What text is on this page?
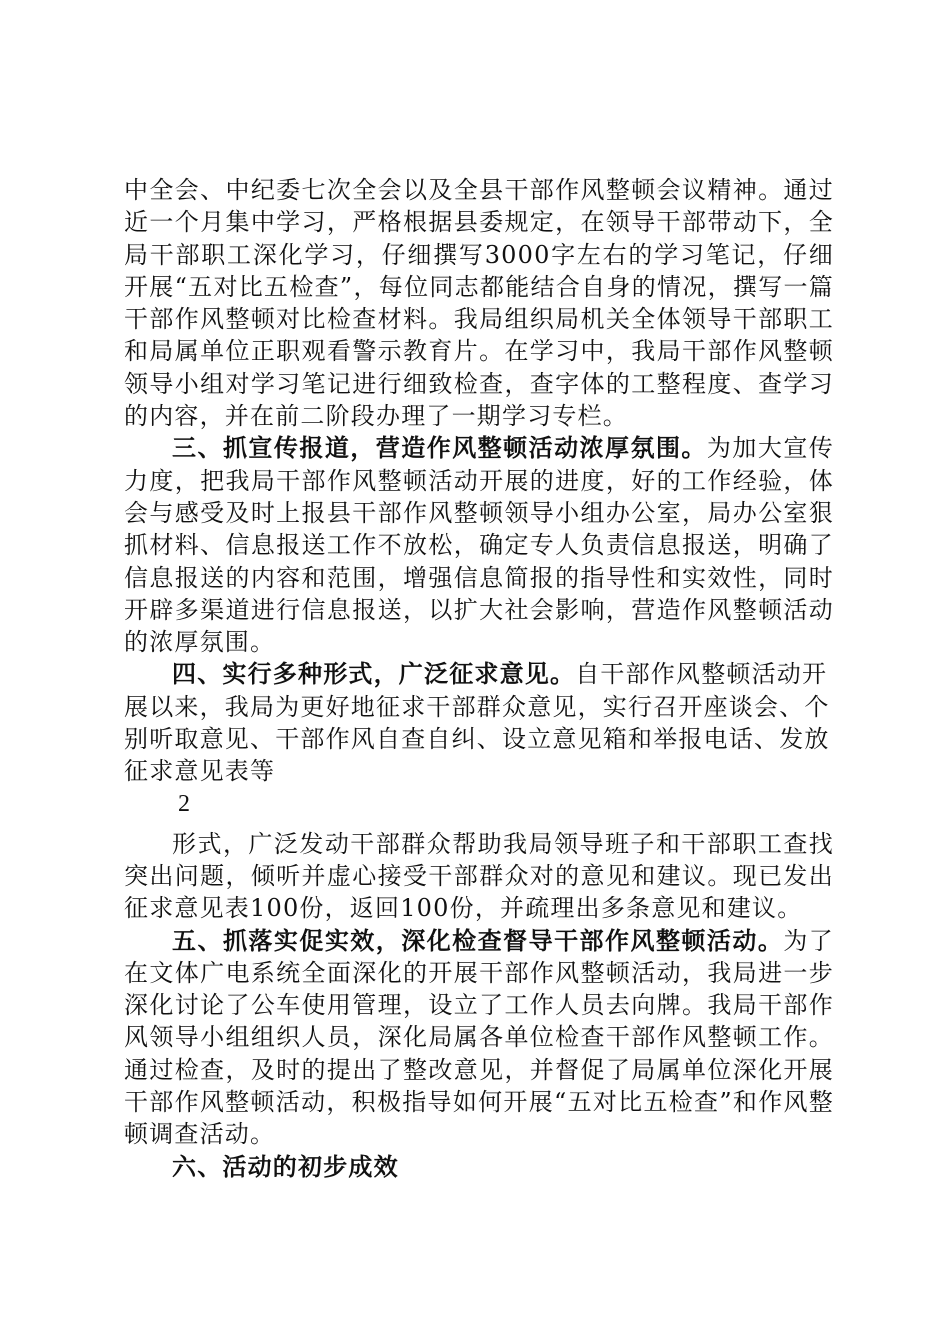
中全会、中纪委七次全会以及全县干部作风整顿会议精神。通过近一个月集中学习，严格根据县委规定，在领导干部带动下，全局干部职工深化学习，仔细撰写3000字左右的学习笔记，仔细开展“五对比五检查”，每位同志都能结合自身的情况，撰写一篇干部作风整顿对比检查材料。我局组织局机关全体领导干部职工和局属单位正职观看警示教育片。在学习中，我局干部作风整顿领导小组对学习笔记进行细致检查，查字体的工整程度、查学习的内容，并在前二阶段办理了一期学习专栏。

三、抓宣传报道，营造作风整顿活动浓厚氛围。为加大宣传力度，把我局干部作风整顿活动开展的进度，好的工作经验，体会与感受及时上报县干部作风整顿领导小组办公室，局办公室狠抓材料、信息报送工作不放松，确定专人负责信息报送，明确了信息报送的内容和范围，增强信息简报的指导性和实效性，同时开辟多渠道进行信息报送，以扩大社会影响，营造作风整顿活动的浓厚氛围。

四、实行多种形式，广泛征求意见。自干部作风整顿活动开展以来，我局为更好地征求干部群众意见，实行召开座谈会、个别听取意见、干部作风自查自纠、设立意见箱和举报电话、发放征求意见表等

2

形式，广泛发动干部群众帮助我局领导班子和干部职工查找突出问题，倾听并虚心接受干部群众对的意见和建议。现已发出征求意见表100份，返回100份，并疏理出多条意见和建议。

五、抓落实促实效，深化检查督导干部作风整顿活动。为了在文体广电系统全面深化的开展干部作风整顿活动，我局进一步深化讨论了公车使用管理，设立了工作人员去向牌。我局干部作风领导小组组织人员，深化局属各单位检查干部作风整顿工作。通过检查，及时的提出了整改意见，并督促了局属单位深化开展干部作风整顿活动，积极指导如何开展“五对比五检查”和作风整顿调查活动。

六、活动的初步成效
